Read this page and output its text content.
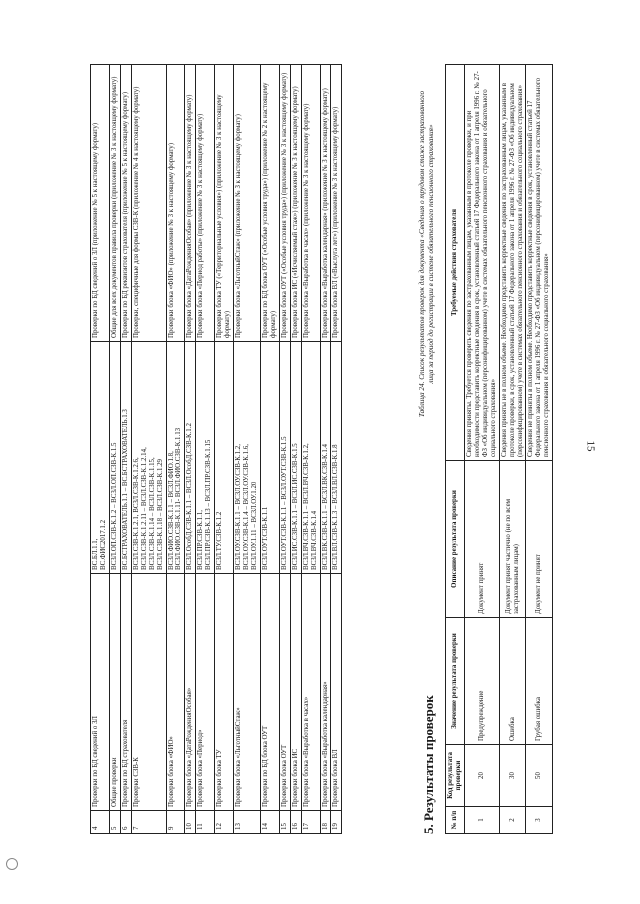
15
4	Проверки по БД сведений о ЗЛ	ВС.БЛ.1.1, ВС.ФИС2017.1.2	Проверки по БД сведений о ЗЛ (приложение № 5 к настоящему формату)
5	Общие проверки	ВСЗЛ.ОП.СЗВ-К.1.2 – ВСЗЛ.ОП.СЗВ-К.1.5	Общие для всех документов правила проверки (приложение № 3 к настоящему формату)
6	Проверки по БД страхователя	ВС.БСТРАХОВАТЕЛЬ.1.1 – ВС.БСТРАХОВАТЕЛЬ.1.3	Проверки по БД реквизитов страхователя (приложение № 5 к настоящему формату)
7	Проверки СЗВ-К	ВСЗЛ.СЗВ-К.1.2.1, ВСЗЛ.СЗВ-К.1.2.6, ВСЗЛ.СЗВ-К.1.2.11 – ВСЗЛ.СЗВ-К.1.2.14, ВСЗЛ.СЗВ-К.1.14 – ВСЗЛ.СЗВ-К.1.15, ВСЗЛ.СЗВ-К.1.18 – ВСЗЛ.СЗВ-К.1.29	Проверки, специфичные для формы СЗВ-К (приложение № 4 к настоящему формату)
9	Проверки блока «ФИО»	ВСЗЛ.ФИО.СЗВ-К.1.1 – ВСЗЛ.ФИО.1.8, ВСЗЛ.ФИО.СЗВ-К.1.11- ВСЗЛ.ФИО.СЗВ-К.1.13	Проверки блока «ФИО» (приложение № 3 к настоящему формату)
10	Проверки блока «ДатаРожденияОсобая»	ВСЗЛ.ОсобД.СЗВ-К.1.1 – ВСЗЛ.ОсобД.СЗВ-К.1.2	Проверки блока «ДатаРожденияОсобая» (приложение № 3 к настоящему формату)
11	Проверки блока «Период»	ВСЗЛ.ПР.СЗВ-К.1.1, ВСЗЛ.ПР.СЗВ-К.1.13 – ВСЗЛ.ПР.СЗВ-К.1.15	Проверки блока «Период работы» (приложение № 3 к настоящему формату)
12	Проверки блока ТУ	ВСЗЛ.ТУ.СЗВ-К.1.2	Проверки блока ТУ («Территориальные условия») (приложение № 3 к настоящему формату)
13	Проверки блока «ЛьготныйСтаж»	ВСЗЛ.ОУ.СЗВ-К.1.1 – ВСЗЛ.ОУ.СЗВ-К.1.2, ВСЗЛ.ОУ.СЗВ-К.1.4 – ВСЗЛ.ОУ.СЗВ-К.1.6, ВСЗЛ.ОУ.1.11 – ВСЗЛ.ОУ.1.20	Проверки блока «ЛьготныйСтаж» (приложение № 3 к настоящему формату)
14	Проверки по БД блока ОУТ	ВСЗЛ.ОУТ.СЗВ-К.1.1	Проверки по БД блока ОУТ («Особые условия труда») (приложение № 2 к настоящему формату)
15	Проверки блока ОУТ	ВСЗЛ.ОУТ.СЗВ-К.1.1 – ВСЗЛ.ОУТ.СЗВ-К.1.5	Проверки блока ОУТ («Особые условия труда») (приложение № 3 к настоящему формату)
16	Проверки блока ИС	ВСЗЛ.ИС.СЗВ-К.1.1 – ВСЗЛ.ИС.СЗВ-К.1.5	Проверки блока ИС («Исчисляемый стаж») (приложение № 3 к настоящему формату)
17	Проверки блока «Выработка в часах»	ВСЗЛ.ВЧ.СЗВ-К.1.1 – ВСЗЛ.ВЧ.СЗВ-К.1.2, ВСЗЛ.ВЧ.СЗВ-К.1.4	Проверки блока «Выработка в часах» (приложение № 3 к настоящему формату)
18	Проверки блока «Выработка календарная»	ВСЗЛ.ВК.СЗВ-К.1.1 – ВСЗЛ.ВК.СЗВ-К.1.4	Проверки блока «Выработка календарная» (приложение № 3 к настоящему формату)
19	Проверки блока ВЛ	ВСЗЛ.ВЛ.СЗВ-К.1.3 – ВСЗЛ.ВЛ.СЗВ-К.1.8	Проверки блока ВЛ («Выслуга лет») (приложение № 3 к настоящему формату)
5. Результаты проверок
Таблица 24. Список результатов проверок для документа «Сведения о трудовом стаже застрахованного лица за период до регистрации в системе обязательного пенсионного страхования»
№ п/п	Код результата проверки	Значение результата проверки	Описание результата проверки	Требуемые действия страхователя
1	20	Предупреждение	Документ принят	Сведения приняты. Требуется проверить сведения по застрахованным лицам, указанным в протоколе проверки, и при необходимости представить корректные сведения в срок, установленный статьей 17 Федерального закона от 1 апреля 1996 г. № 27-ФЗ «Об индивидуальном (персонифицированном) учете в системах обязательного пенсионного страхования и обязательного социального страхования»
2	30	Ошибка	Документ принят частично (не по всем застрахованным лицам)	Сведения приняты не в полном объеме. Необходимо представить корректные сведения по застрахованным лицам, указанным в протоколе проверки, в срок, установленный статьей 17 Федерального закона от 1 апреля 1996 г. № 27-ФЗ «Об индивидуальном (персонифицированном) учете в системах обязательного пенсионного страхования и обязательного социального страхования»
3	50	Грубая ошибка	Документ не принят	Сведения не приняты в полном объеме. Необходимо представить корректные сведения в срок, установленный статьей 17 Федерального закона от 1 апреля 1996 г. № 27-ФЗ «Об индивидуальном (персонифицированном) учете в системах обязательного пенсионного страхования и обязательного социального страхования»
